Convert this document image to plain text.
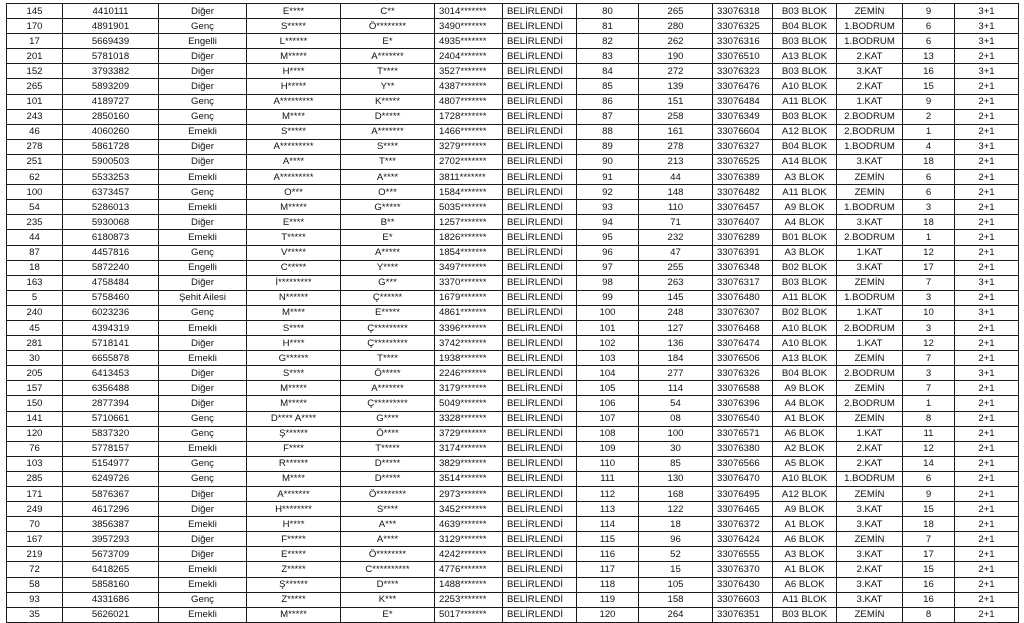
145	4410111	Diğer	E****	C**	3014*******	BELİRLENDİ	80	265	33076318	B03 BLOK	ZEMİN	9	3+1
170	4891901	Genç	S*****	Ö********	3490*******	BELİRLENDİ	81	280	33076325	B04 BLOK	1.BODRUM	6	3+1
17	5669439	Engelli	L******	E*	4935*******	BELİRLENDİ	82	262	33076316	B03 BLOK	1.BODRUM	6	3+1
201	5781018	Diğer	M*****	A*******	2404*******	BELİRLENDİ	83	190	33076510	A13 BLOK	2.KAT	13	2+1
152	3793382	Diğer	H****	T****	3527*******	BELİRLENDİ	84	272	33076323	B03 BLOK	3.KAT	16	3+1
265	5893209	Diğer	H*****	Y**	4387*******	BELİRLENDİ	85	139	33076476	A10 BLOK	2.KAT	15	2+1
101	4189727	Genç	A*********	K*****	4807*******	BELİRLENDİ	86	151	33076484	A11 BLOK	1.KAT	9	2+1
243	2850160	Genç	M****	D*****	1728*******	BELİRLENDİ	87	258	33076349	B03 BLOK	2.BODRUM	2	2+1
46	4060260	Emekli	S*****	A*******	1466*******	BELİRLENDİ	88	161	33076604	A12 BLOK	2.BODRUM	1	2+1
278	5861728	Diğer	A*********	S****	3279*******	BELİRLENDİ	89	278	33076327	B04 BLOK	1.BODRUM	4	3+1
251	5900503	Diğer	A****	T***	2702*******	BELİRLENDİ	90	213	33076525	A14 BLOK	3.KAT	18	2+1
62	5533253	Emekli	A*********	A****	3811*******	BELİRLENDİ	91	44	33076389	A3 BLOK	ZEMİN	6	2+1
100	6373457	Genç	O***	O***	1584*******	BELİRLENDİ	92	148	33076482	A11 BLOK	ZEMİN	6	2+1
54	5286013	Emekli	M*****	G*****	5035*******	BELİRLENDİ	93	110	33076457	A9 BLOK	1.BODRUM	3	2+1
235	5930068	Diğer	E****	B**	1257*******	BELİRLENDİ	94	71	33076407	A4 BLOK	3.KAT	18	2+1
44	6180873	Emekli	T*****	E*	1826*******	BELİRLENDİ	95	232	33076289	B01 BLOK	2.BODRUM	1	2+1
87	4457816	Genç	V*****	A*****	1854*******	BELİRLENDİ	96	47	33076391	A3 BLOK	1.KAT	12	2+1
18	5872240	Engelli	C*****	Y****	3497*******	BELİRLENDİ	97	255	33076348	B02 BLOK	3.KAT	17	2+1
163	4758484	Diğer	İ*********	G***	3370*******	BELİRLENDİ	98	263	33076317	B03 BLOK	ZEMİN	7	3+1
5	5758460	Şehit Ailesi	N******	Ç******	1679*******	BELİRLENDİ	99	145	33076480	A11 BLOK	1.BODRUM	3	2+1
240	6023236	Genç	M****	E*****	4861*******	BELİRLENDİ	100	248	33076307	B02 BLOK	1.KAT	10	3+1
45	4394319	Emekli	S****	Ç*********	3396*******	BELİRLENDİ	101	127	33076468	A10 BLOK	2.BODRUM	3	2+1
281	5718141	Diğer	H****	Ç*********	3742*******	BELİRLENDİ	102	136	33076474	A10 BLOK	1.KAT	12	2+1
30	6655878	Emekli	G******	T****	1938*******	BELİRLENDİ	103	184	33076506	A13 BLOK	ZEMİN	7	2+1
205	6413453	Diğer	S****	Ö*****	2246*******	BELİRLENDİ	104	277	33076326	B04 BLOK	2.BODRUM	3	3+1
157	6356488	Diğer	M*****	A*******	3179*******	BELİRLENDİ	105	114	33076588	A9 BLOK	ZEMİN	7	2+1
150	2877394	Diğer	M*****	Ç*********	5049*******	BELİRLENDİ	106	54	33076396	A4 BLOK	2.BODRUM	1	2+1
141	5710661	Genç	D**** A****	G****	3328*******	BELİRLENDİ	107	08	33076540	A1 BLOK	ZEMİN	8	2+1
120	5837320	Genç	Ş******	Ö****	3729*******	BELİRLENDİ	108	100	33076571	A6 BLOK	1.KAT	11	2+1
76	5778157	Emekli	F****	T*****	3174*******	BELİRLENDİ	109	30	33076380	A2 BLOK	2.KAT	12	2+1
103	5154977	Genç	R******	D*****	3829*******	BELİRLENDİ	110	85	33076566	A5 BLOK	2.KAT	14	2+1
285	6249726	Genç	M****	D*****	3514*******	BELİRLENDİ	111	130	33076470	A10 BLOK	1.BODRUM	6	2+1
171	5876367	Diğer	A*******	Ö********	2973*******	BELİRLENDİ	112	168	33076495	A12 BLOK	ZEMİN	9	2+1
249	4617296	Diğer	H********	S****	3452*******	BELİRLENDİ	113	122	33076465	A9 BLOK	3.KAT	15	2+1
70	3856387	Emekli	H****	A***	4639*******	BELİRLENDİ	114	18	33076372	A1 BLOK	3.KAT	18	2+1
167	3957293	Diğer	F*****	A****	3129*******	BELİRLENDİ	115	96	33076424	A6 BLOK	ZEMİN	7	2+1
219	5673709	Diğer	E*****	Ö********	4242*******	BELİRLENDİ	116	52	33076555	A3 BLOK	3.KAT	17	2+1
72	6418265	Emekli	Z*****	C**********	4776*******	BELİRLENDİ	117	15	33076370	A1 BLOK	2.KAT	15	2+1
58	5858160	Emekli	Ş******	D****	1488*******	BELİRLENDİ	118	105	33076430	A6 BLOK	3.KAT	16	2+1
93	4331686	Genç	Z*****	K***	2253*******	BELİRLENDİ	119	158	33076603	A11 BLOK	3.KAT	16	2+1
35	5626021	Emekli	M*****	E*	5017*******	BELİRLENDİ	120	264	33076351	B03 BLOK	ZEMİN	8	2+1
